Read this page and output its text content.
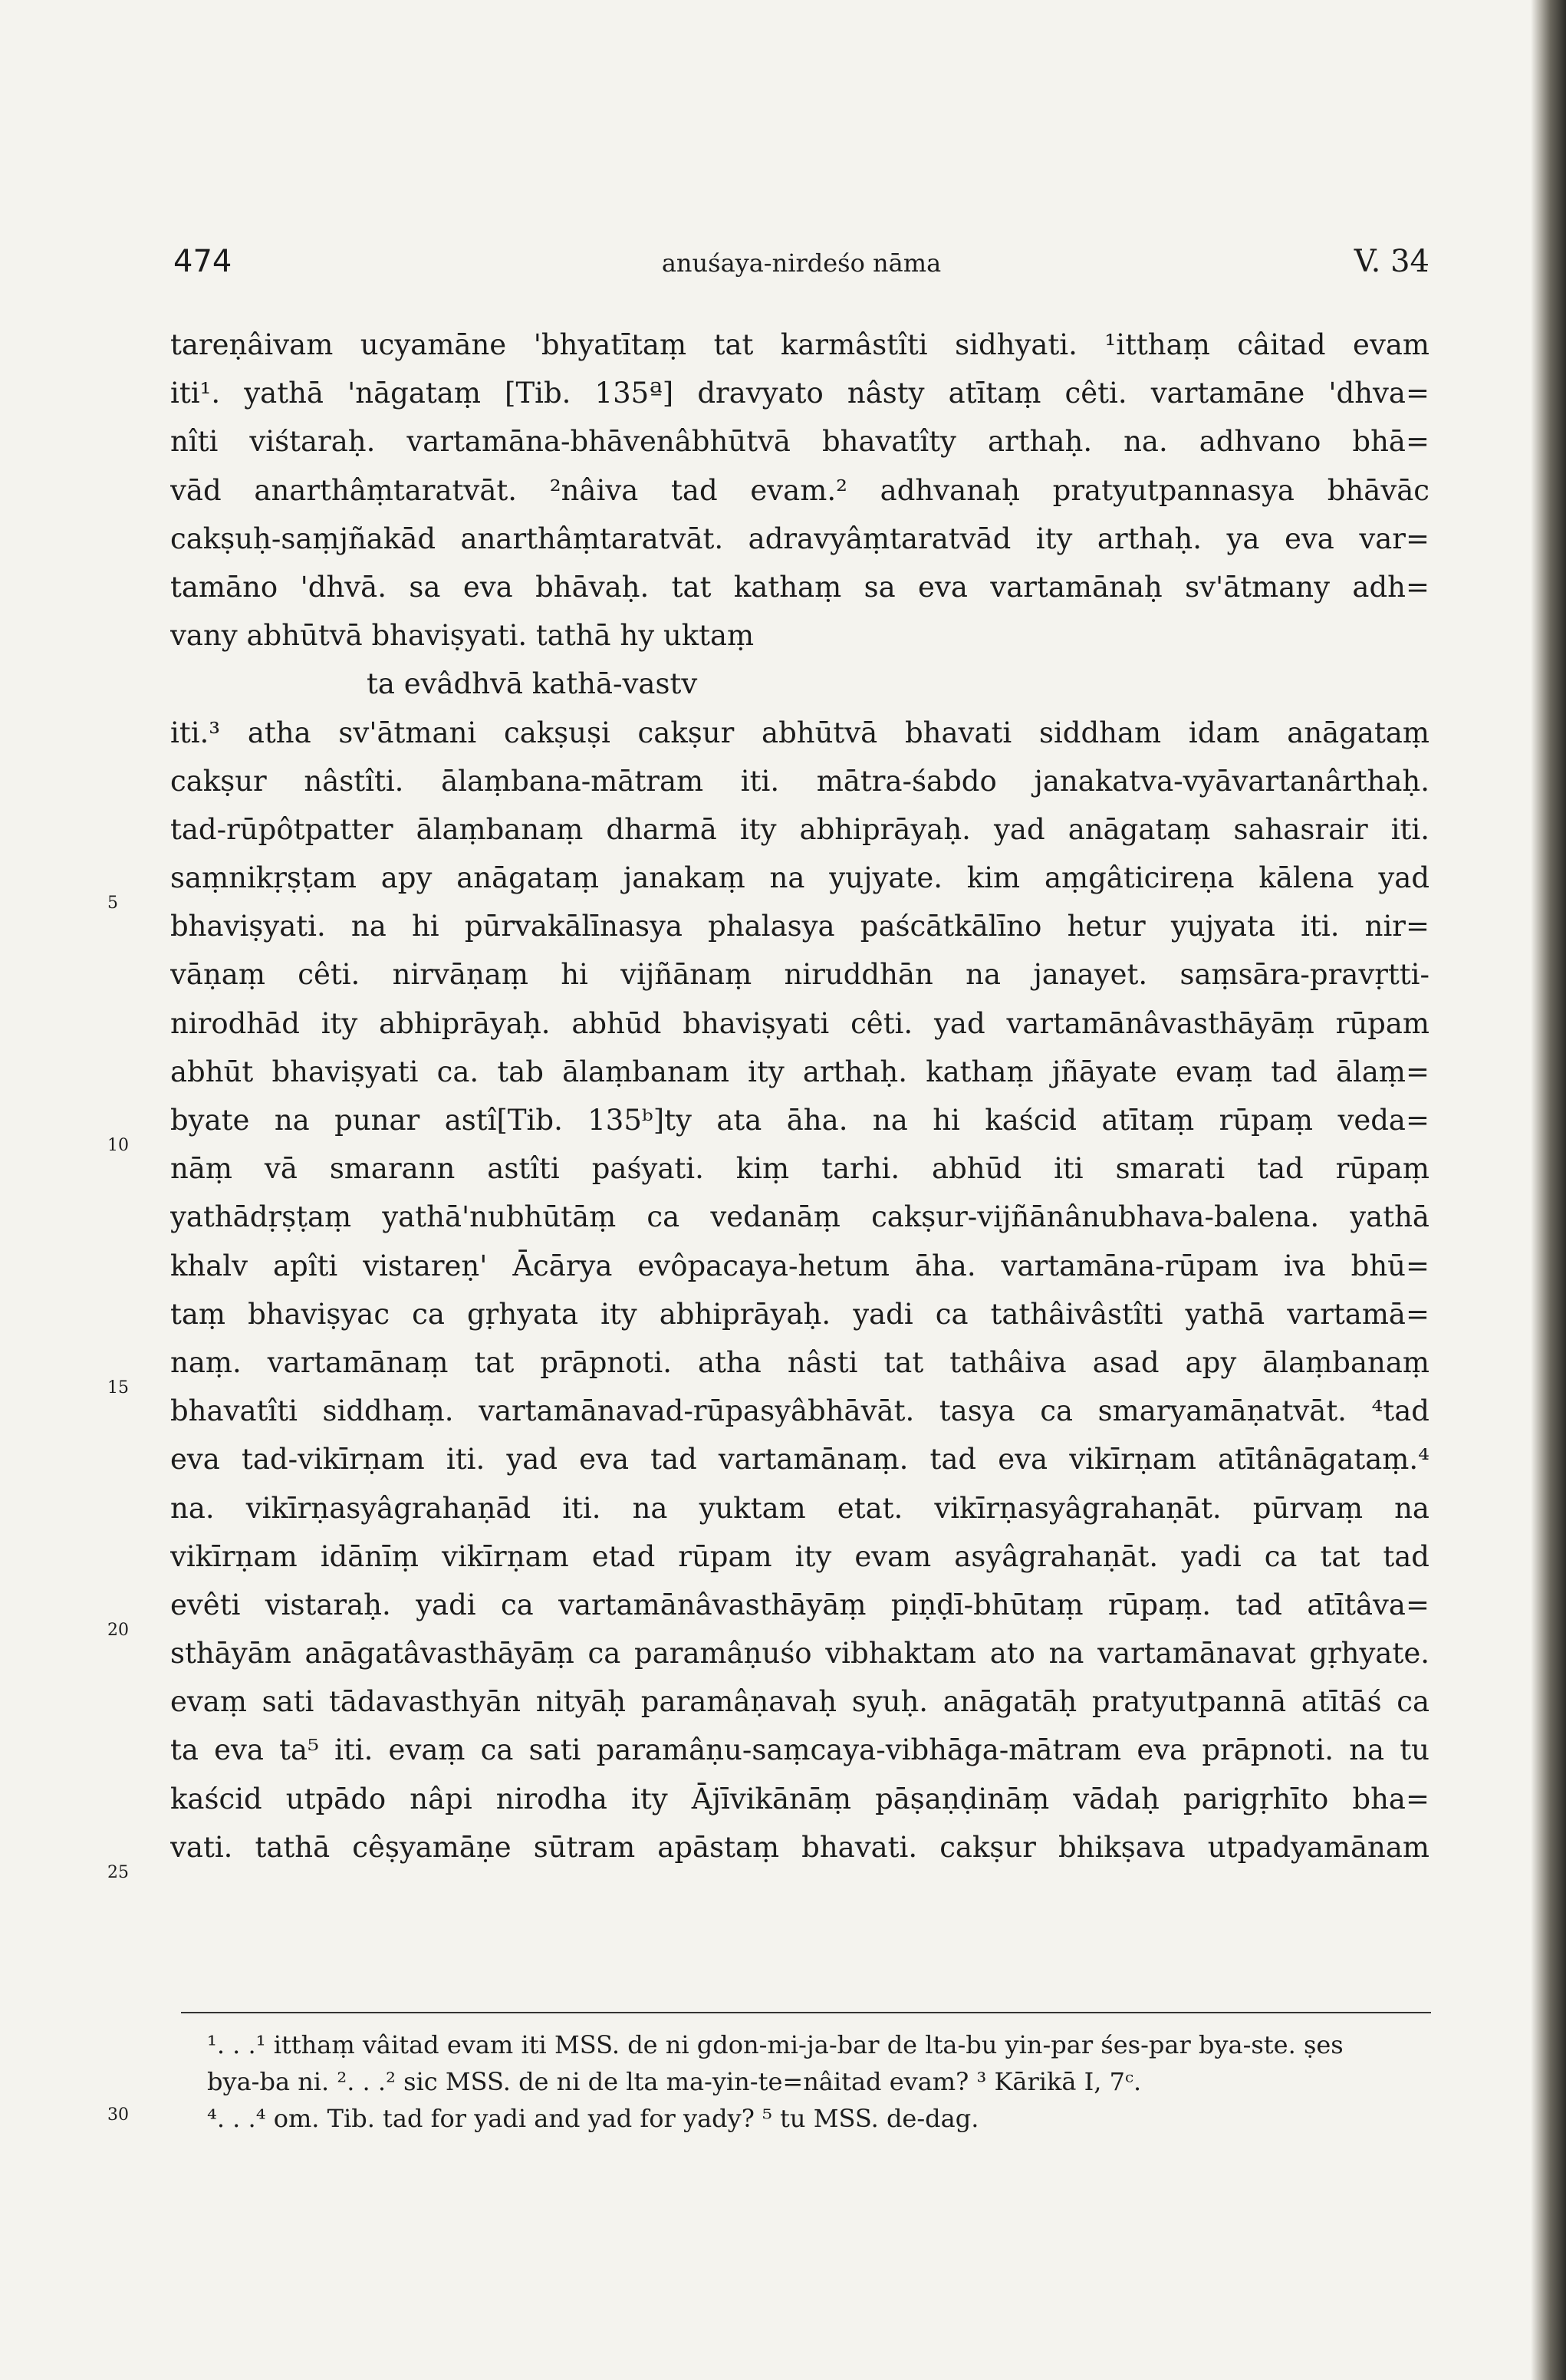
474	anuśaya-nirdeśo nāma	V. 34
tareṇâivam ucyamāne 'bhyatītaṃ tat karmâstîti sidhyati. ¹itthaṃ câitad evam
iti¹. yathā 'nāgataṃ [Tib. 135ª] dravyato nâsty atītaṃ cêti. vartamāne 'dhva=
nîti viśtaraḥ. vartamāna-bhāvenâbhūtvā bhavatîty arthaḥ. na. adhvano bhā=
vād anarthâṃtaratvāt. ²nâiva tad evam.² adhvanaḥ pratyutpannasya bhāvāc
cakṣuḥ-saṃjñakād anarthâṃtaratvāt. adravyâṃtaratvād ity arthaḥ. ya eva var=
tamāno 'dhvā. sa eva bhāvaḥ. tat kathaṃ sa eva vartamānaḥ sv'ātmany adh=
vany abhūtvā bhaviṣyati. tathā hy uktaṃ
ta evâdhvā kathā-vastv
iti.³ atha sv'ātmani cakṣuṣi cakṣur abhūtvā bhavati siddham idam anāgataṃ
cakṣur nâstîti. ālaṃbana-mātram iti. mātra-śabdo janakatva-vyāvartanârthaḥ.
tad-rūpôtpatter ālaṃbanaṃ dharmā ity abhiprāyaḥ. yad anāgataṃ sahasrair iti.
saṃnikṛṣṭam apy anāgataṃ janakaṃ na yujyate. kim aṃgâticireṇa kālena yad
bhaviṣyati. na hi pūrvakālīnasya phalasya paścātkālīno hetur yujyata iti. nir=
vāṇaṃ cêti. nirvāṇaṃ hi vijñānaṃ niruddhān na janayet. saṃsāra-pravṛtti-
nirodhād ity abhiprāyaḥ. abhūd bhaviṣyati cêti. yad vartamānâvasthāyāṃ rūpam
abhūt bhaviṣyati ca. tab ālaṃbanam ity arthaḥ. kathaṃ jñāyate evaṃ tad ālaṃ=
byate na punar astî[Tib. 135ᵇ]ty ata āha. na hi kaścid atītaṃ rūpaṃ veda=
nāṃ vā smarann astîti paśyati. kiṃ tarhi. abhūd iti smarati tad rūpaṃ
yathādṛṣṭaṃ yathā'nubhūtāṃ ca vedanāṃ cakṣur-vijñānânubhava-balena. yathā
khalv apîti vistareṇ' Ācārya evôpacaya-hetum āha. vartamāna-rūpam iva bhū=
taṃ bhaviṣyac ca gṛhyata ity abhiprāyaḥ. yadi ca tathâivâstîti yathā vartamā=
naṃ. vartamānaṃ tat prāpnoti. atha nâsti tat tathâiva asad apy ālaṃbanaṃ
bhavatîti siddhaṃ. vartamānavad-rūpasyâbhāvāt. tasya ca smaryamāṇatvāt. ⁴tad
eva tad-vikīrṇam iti. yad eva tad vartamānaṃ. tad eva vikīrṇam atītânāgataṃ.⁴
na. vikīrṇasyâgrahaṇād iti. na yuktam etat. vikīrṇasyâgrahaṇāt. pūrvaṃ na
vikīrṇam idānīṃ vikīrṇam etad rūpam ity evam asyâgrahaṇāt. yadi ca tat tad
evêti vistaraḥ. yadi ca vartamānâvasthāyāṃ piṇḍī-bhūtaṃ rūpaṃ. tad atītâva=
sthāyām anāgatâvasthāyāṃ ca paramâṇuśo vibhaktam ato na vartamānavat gṛhyate.
evaṃ sati tādavasthyān nityāḥ paramâṇavaḥ syuḥ. anāgatāḥ pratyutpannā atītāś ca
ta eva ta⁵ iti. evaṃ ca sati paramâṇu-saṃcaya-vibhāga-mātram eva prāpnoti. na tu
kaścid utpādo nâpi nirodha ity Ājīvikānāṃ pāṣaṇḍināṃ vādaḥ parigṛhīto bha=
vati. tathā cêṣyamāṇe sūtram apāstaṃ bhavati. cakṣur bhikṣava utpadyamānam
5
10
15
20
25
30
¹. . .¹ itthaṃ vâitad evam iti MSS. de ni gdon-mi-ja-bar de lta-bu yin-par śes-par bya-ste. ṣes
bya-ba ni. ². . .² sic MSS. de ni de lta ma-yin-te=nâitad evam? ³ Kārikā I, 7ᶜ.
⁴. . .⁴ om. Tib. tad for yadi and yad for yady? ⁵ tu MSS. de-dag.
